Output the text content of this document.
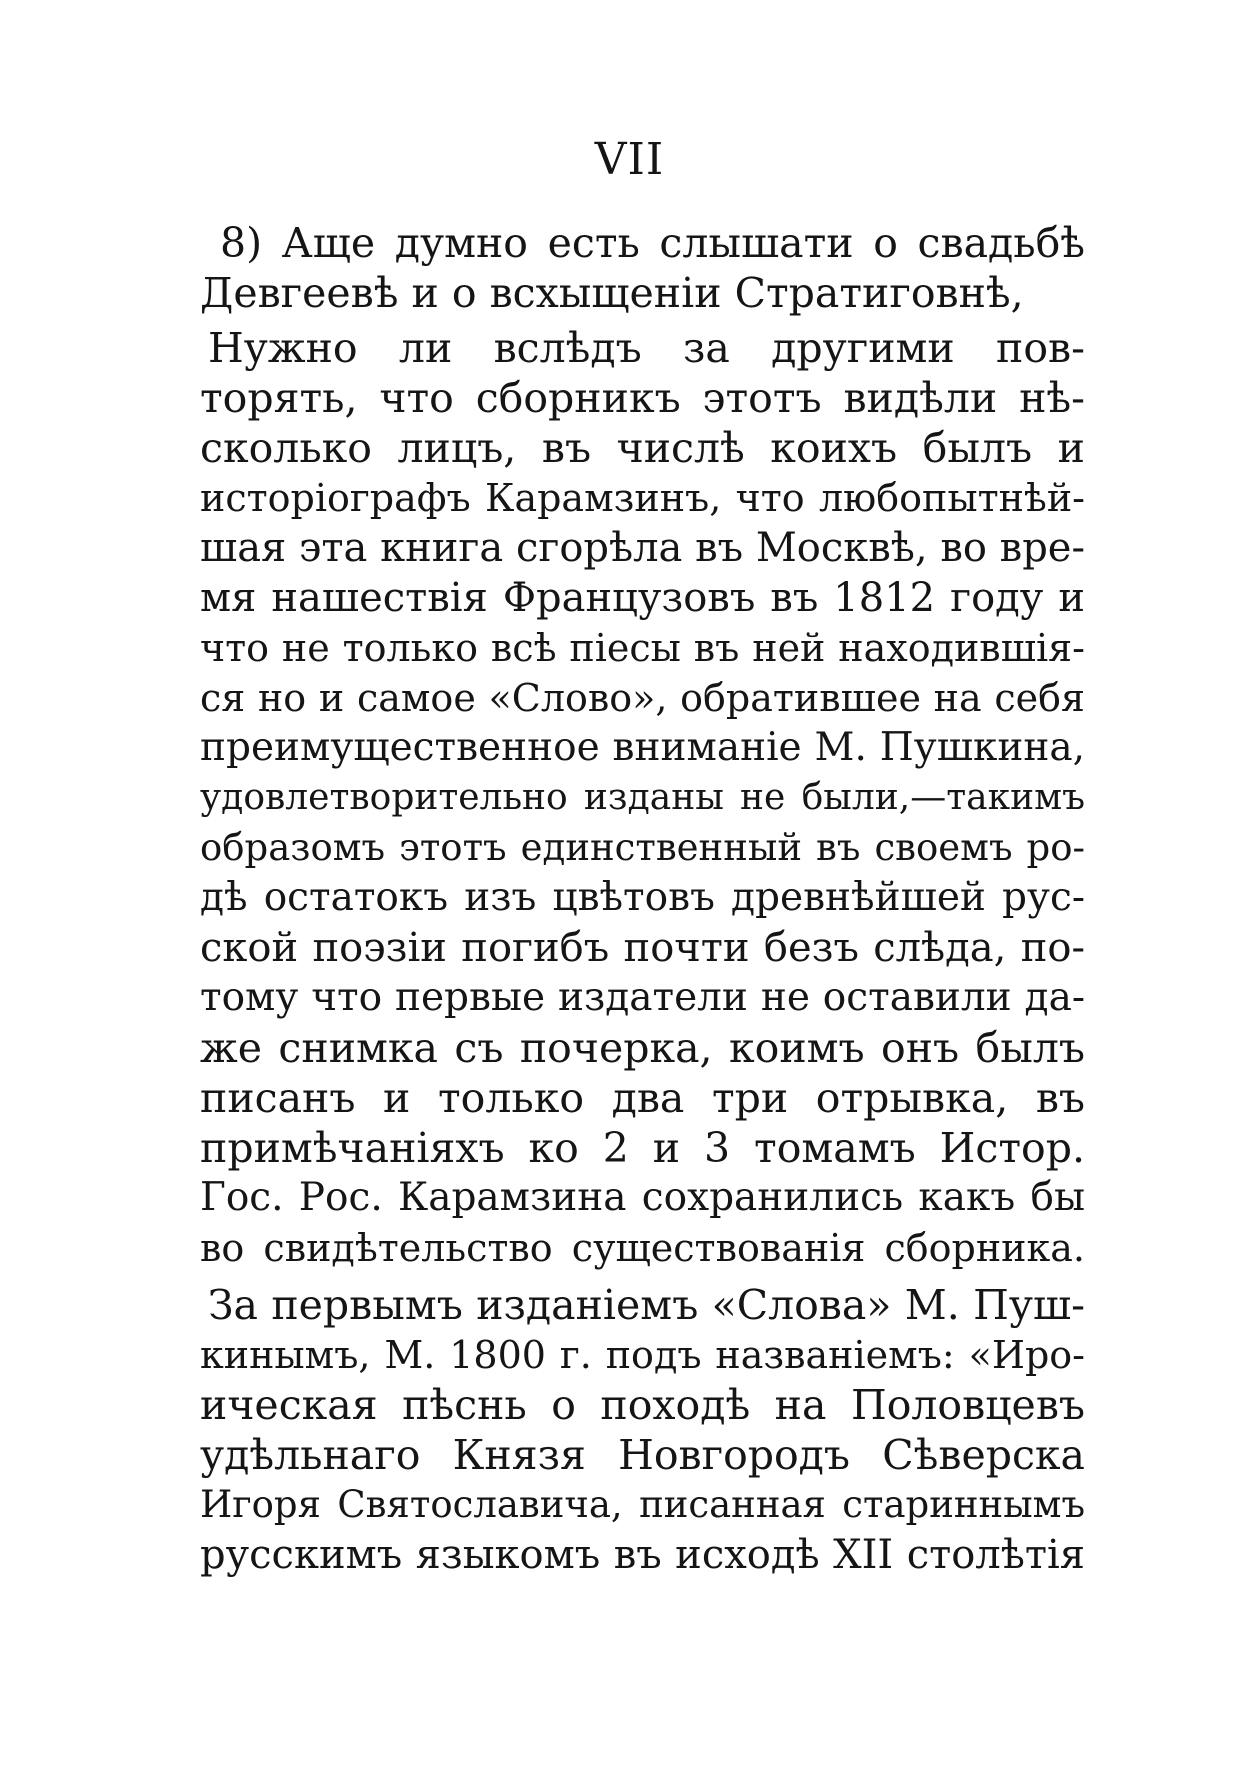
VII
8) Аще думно есть слышати о свадьбѣ
Девгеевѣ и о всхыщенiи Стратиговнѣ,
Нужно ли вслѣдъ за другими пов-
торять, что сборникъ этотъ видѣли нѣ-
сколько лицъ, въ числѣ коихъ былъ и
исторiографъ Карамзинъ, что любопытнѣй-
шая эта книга сгорѣла въ Москвѣ, во вре-
мя нашествiя Французовъ въ 1812 году и
что не только всѣ пiесы въ ней находившiя-
ся но и самое «Слово», обратившее на себя
преимущественное вниманiе М. Пушкина,
удовлетворительно изданы не были,—такимъ
образомъ этотъ единственный въ своемъ ро-
дѣ остатокъ изъ цвѣтовъ древнѣйшей рус-
ской поэзiи погибъ почти безъ слѣда, по-
тому что первые издатели не оставили да-
же снимка съ почерка, коимъ онъ былъ
писанъ и только два три отрывка, въ
примѣчанiяхъ ко 2 и 3 томамъ Истор.
Гос. Рос. Карамзина сохранились какъ бы
во свидѣтельство существованiя сборника.
За первымъ изданiемъ «Слова» М. Пуш-
кинымъ, М. 1800 г. подъ названiемъ: «Иро-
ическая пѣснь о походѣ на Половцевъ
удѣльнаго Князя Новгородъ Сѣверска
Игоря Святославича, писанная стариннымъ
русскимъ языкомъ въ исходѣ XII столѣтiя
